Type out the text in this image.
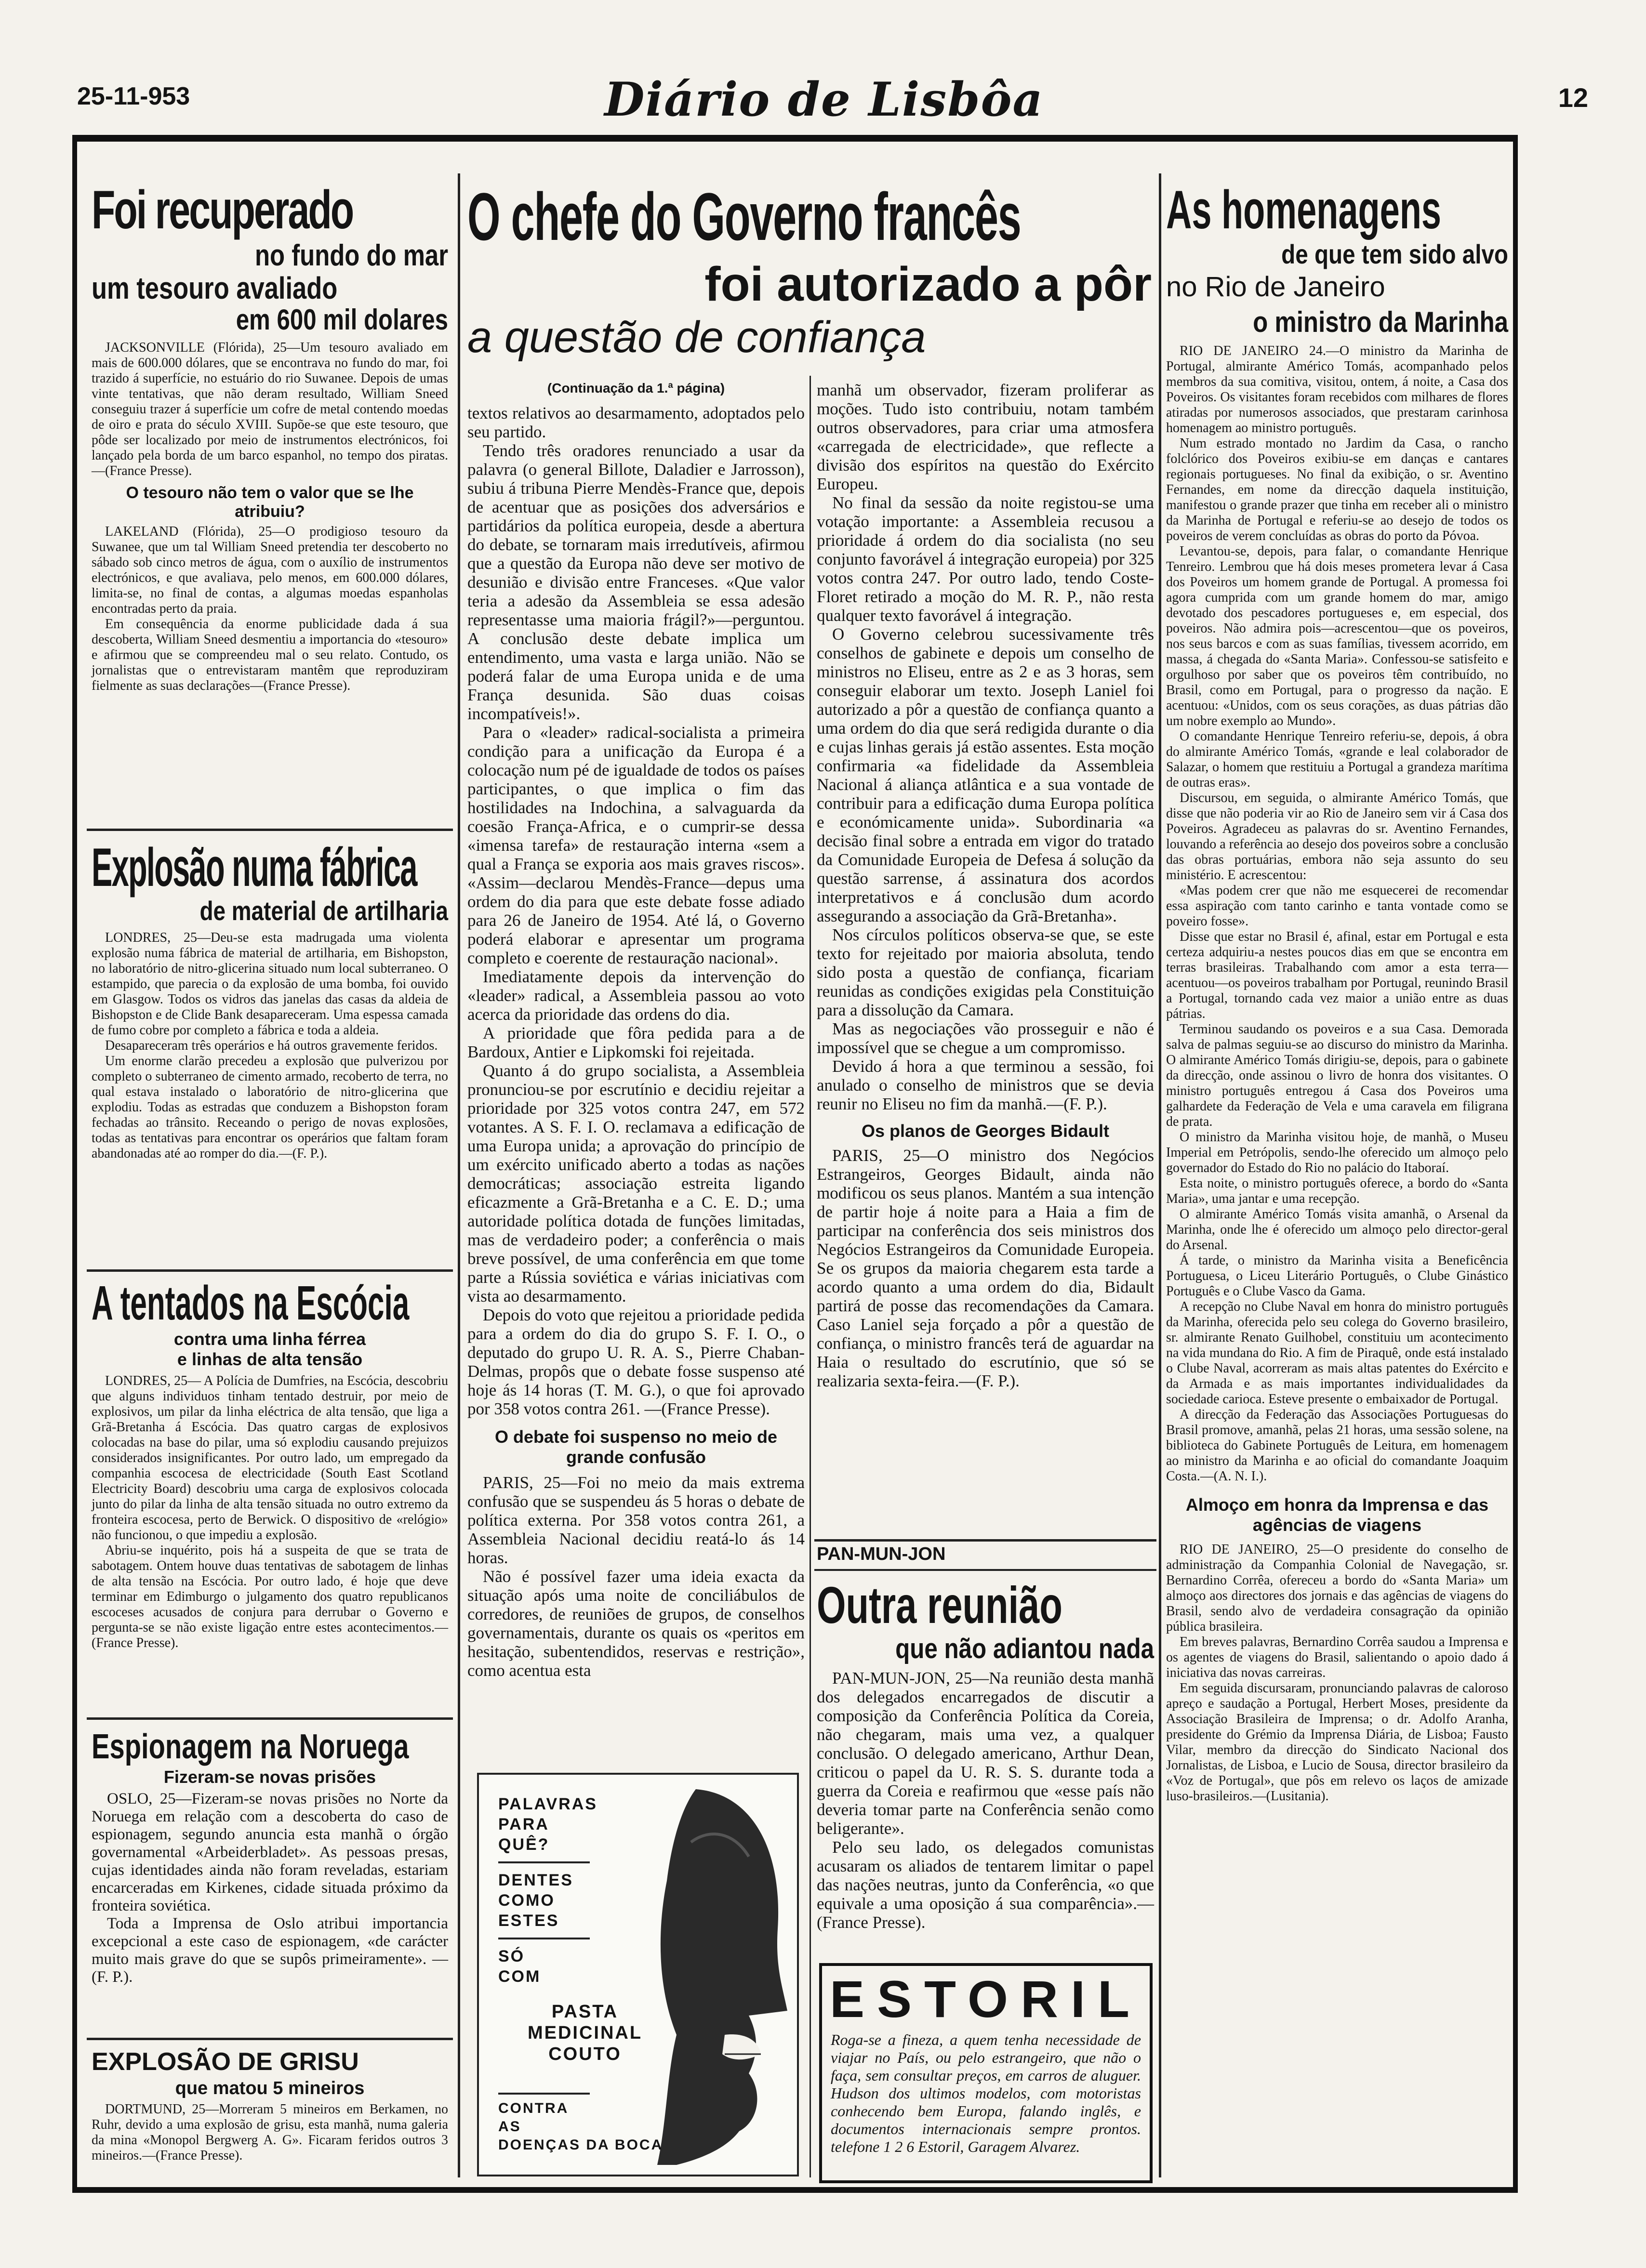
25-11-953	Diário de Lisbôa	12
Foi recuperado
no fundo do mar
um tesouro avaliado
em 600 mil dolares

JACKSONVILLE (Flórida), 25—Um tesouro avaliado em mais de 600.000 dólares, que se encontrava no fundo do mar, foi trazido á superfície, no estuário do rio Suwanee. Depois de umas vinte tentativas, que não deram resultado, William Sneed conseguiu trazer á superfície um cofre de metal contendo moedas de oiro e prata do século XVIII. Supõe-se que este tesouro, que pôde ser localizado por meio de instrumentos electrónicos, foi lançado pela borda de um barco espanhol, no tempo dos piratas.—(France Presse).

O tesouro não tem o valor que se lhe atribuiu?

LAKELAND (Flórida), 25—O prodigioso tesouro da Suwanee, que um tal William Sneed pretendia ter descoberto no sábado sob cinco metros de água, com o auxílio de instrumentos electrónicos, e que avaliava, pelo menos, em 600.000 dólares, limita-se, no final de contas, a algumas moedas espanholas encontradas perto da praia.

Em consequência da enorme publicidade dada á sua descoberta, William Sneed desmentiu a importancia do «tesouro» e afirmou que se compreendeu mal o seu relato. Contudo, os jornalistas que o entrevistaram mantêm que reproduziram fielmente as suas declarações—(France Presse).

Explosão numa fábrica
de material de artilharia

LONDRES, 25—Deu-se esta madrugada uma violenta explosão numa fábrica de material de artilharia, em Bishopston, no laboratório de nitro-glicerina situado num local subterraneo. O estampido, que parecia o da explosão de uma bomba, foi ouvido em Glasgow. Todos os vidros das janelas das casas da aldeia de Bishopston e de Clide Bank desapareceram. Uma espessa camada de fumo cobre por completo a fábrica e toda a aldeia.

Desapareceram três operários e há outros gravemente feridos.

Um enorme clarão precedeu a explosão que pulverizou por completo o subterraneo de cimento armado, recoberto de terra, no qual estava instalado o laboratório de nitro-glicerina que explodiu. Todas as estradas que conduzem a Bishopston foram fechadas ao trânsito. Receando o perigo de novas explosões, todas as tentativas para encontrar os operários que faltam foram abandonadas até ao romper do dia.—(F. P.).

A tentados na Escócia
contra uma linha férrea
e linhas de alta tensão

LONDRES, 25— A Polícia de Dumfries, na Escócia, descobriu que alguns individuos tinham tentado destruir, por meio de explosivos, um pilar da linha eléctrica de alta tensão, que liga a Grã-Bretanha á Escócia. Das quatro cargas de explosivos colocadas na base do pilar, uma só explodiu causando prejuizos considerados insignificantes. Por outro lado, um empregado da companhia escocesa de electricidade (South East Scotland Electricity Board) descobriu uma carga de explosivos colocada junto do pilar da linha de alta tensão situada no outro extremo da fronteira escocesa, perto de Berwick. O dispositivo de «relógio» não funcionou, o que impediu a explosão.

Abriu-se inquérito, pois há a suspeita de que se trata de sabotagem. Ontem houve duas tentativas de sabotagem de linhas de alta tensão na Escócia. Por outro lado, é hoje que deve terminar em Edimburgo o julgamento dos quatro republicanos escoceses acusados de conjura para derrubar o Governo e pergunta-se se não existe ligação entre estes acontecimentos.—(France Presse).

Espionagem na Noruega
Fizeram-se novas prisões

OSLO, 25—Fizeram-se novas prisões no Norte da Noruega em relação com a descoberta do caso de espionagem, segundo anuncia esta manhã o órgão governamental «Arbeiderbladet». As pessoas presas, cujas identidades ainda não foram reveladas, estariam encarceradas em Kirkenes, cidade situada próximo da fronteira soviética.

Toda a Imprensa de Oslo atribui importancia excepcional a este caso de espionagem, «de carácter muito mais grave do que se supôs primeiramente». —(F. P.).

EXPLOSÃO DE GRISU
que matou 5 mineiros

DORTMUND, 25—Morreram 5 mineiros em Berkamen, no Ruhr, devido a uma explosão de grisu, esta manhã, numa galeria da mina «Monopol Bergwerg A. G». Ficaram feridos outros 3 mineiros.—(France Presse).

O chefe do Governo francês
foi autorizado a pôr
a questão de confiança
(Continuação da 1.ª página)

textos relativos ao desarmamento, adoptados pelo seu partido.

Tendo três oradores renunciado a usar da palavra (o general Billote, Daladier e Jarrosson), subiu á tribuna Pierre Mendès-France que, depois de acentuar que as posições dos adversários e partidários da política europeia, desde a abertura do debate, se tornaram mais irredutíveis, afirmou que a questão da Europa não deve ser motivo de desunião e divisão entre Franceses. «Que valor teria a adesão da Assembleia se essa adesão representasse uma maioria frágil?»—perguntou. A conclusão deste debate implica um entendimento, uma vasta e larga união. Não se poderá falar de uma Europa unida e de uma França desunida. São duas coisas incompatíveis!».

Para o «leader» radical-socialista a primeira condição para a unificação da Europa é a colocação num pé de igualdade de todos os países participantes, o que implica o fim das hostilidades na Indochina, a salvaguarda da coesão França-Africa, e o cumprir-se dessa «imensa tarefa» de restauração interna «sem a qual a França se exporia aos mais graves riscos». «Assim—declarou Mendès-France—depus uma ordem do dia para que este debate fosse adiado para 26 de Janeiro de 1954. Até lá, o Governo poderá elaborar e apresentar um programa completo e coerente de restauração nacional».

Imediatamente depois da intervenção do «leader» radical, a Assembleia passou ao voto acerca da prioridade das ordens do dia.

A prioridade que fôra pedida para a de Bardoux, Antier e Lipkomski foi rejeitada.

Quanto á do grupo socialista, a Assembleia pronunciou-se por escrutínio e decidiu rejeitar a prioridade por 325 votos contra 247, em 572 votantes. A S. F. I. O. reclamava a edificação de uma Europa unida; a aprovação do princípio de um exército unificado aberto a todas as nações democráticas; associação estreita ligando eficazmente a Grã-Bretanha e a C. E. D.; uma autoridade política dotada de funções limitadas, mas de verdadeiro poder; a conferência o mais breve possível, de uma conferência em que tome parte a Rússia soviética e várias iniciativas com vista ao desarmamento.

Depois do voto que rejeitou a prioridade pedida para a ordem do dia do grupo S. F. I. O., o deputado do grupo U. R. A. S., Pierre Chaban-Delmas, propôs que o debate fosse suspenso até hoje ás 14 horas (T. M. G.), o que foi aprovado por 358 votos contra 261. —(France Presse).

O debate foi suspenso no meio de grande confusão

PARIS, 25—Foi no meio da mais extrema confusão que se suspendeu ás 5 horas o debate de política externa. Por 358 votos contra 261, a Assembleia Nacional decidiu reatá-lo ás 14 horas.

Não é possível fazer uma ideia exacta da situação após uma noite de conciliábulos de corredores, de reuniões de grupos, de conselhos governamentais, durante os quais os «peritos em hesitação, subentendidos, reservas e restrição», como acentua esta

manhã um observador, fizeram proliferar as moções. Tudo isto contribuiu, notam também outros observadores, para criar uma atmosfera «carregada de electricidade», que reflecte a divisão dos espíritos na questão do Exército Europeu.

No final da sessão da noite registou-se uma votação importante: a Assembleia recusou a prioridade á ordem do dia socialista (no seu conjunto favorável á integração europeia) por 325 votos contra 247. Por outro lado, tendo Coste-Floret retirado a moção do M. R. P., não resta qualquer texto favorável á integração.

O Governo celebrou sucessivamente três conselhos de gabinete e depois um conselho de ministros no Eliseu, entre as 2 e as 3 horas, sem conseguir elaborar um texto. Joseph Laniel foi autorizado a pôr a questão de confiança quanto a uma ordem do dia que será redigida durante o dia e cujas linhas gerais já estão assentes. Esta moção confirmaria «a fidelidade da Assembleia Nacional á aliança atlântica e a sua vontade de contribuir para a edificação duma Europa política e económicamente unida». Subordinaria «a decisão final sobre a entrada em vigor do tratado da Comunidade Europeia de Defesa á solução da questão sarrense, á assinatura dos acordos interpretativos e á conclusão dum acordo assegurando a associação da Grã-Bretanha».

Nos círculos políticos observa-se que, se este texto for rejeitado por maioria absoluta, tendo sido posta a questão de confiança, ficariam reunidas as condições exigidas pela Constituição para a dissolução da Camara.

Mas as negociações vão prosseguir e não é impossível que se chegue a um compromisso.

Devido á hora a que terminou a sessão, foi anulado o conselho de ministros que se devia reunir no Eliseu no fim da manhã.—(F. P.).

Os planos de Georges Bidault

PARIS, 25—O ministro dos Negócios Estrangeiros, Georges Bidault, ainda não modificou os seus planos. Mantém a sua intenção de partir hoje á noite para a Haia a fim de participar na conferência dos seis ministros dos Negócios Estrangeiros da Comunidade Europeia. Se os grupos da maioria chegarem esta tarde a acordo quanto a uma ordem do dia, Bidault partirá de posse das recomendações da Camara. Caso Laniel seja forçado a pôr a questão de confiança, o ministro francês terá de aguardar na Haia o resultado do escrutínio, que só se realizaria sexta-feira.—(F. P.).

PAN-MUN-JON
Outra reunião
que não adiantou nada

PAN-MUN-JON, 25—Na reunião desta manhã dos delegados encarregados de discutir a composição da Conferência Política da Coreia, não chegaram, mais uma vez, a qualquer conclusão. O delegado americano, Arthur Dean, criticou o papel da U. R. S. S. durante toda a guerra da Coreia e reafirmou que «esse país não deveria tomar parte na Conferência senão como beligerante».

Pelo seu lado, os delegados comunistas acusaram os aliados de tentarem limitar o papel das nações neutras, junto da Conferência, «o que equivale a uma oposição á sua comparência».—(France Presse).

ESTORIL
Roga-se a fineza, a quem tenha necessidade de viajar no País, ou pelo estrangeiro, que não o faça, sem consultar preços, em carros de aluguer. Hudson dos ultimos modelos, com motoristas conhecendo bem Europa, falando inglês, e documentos internacionais sempre prontos. telefone 1 2 6 Estoril, Garagem Alvarez.
PALAVRAS
PARA
QUÊ?
DENTES
COMO
ESTES
SÓ
COM
PASTA
MEDICINAL
COUTO
CONTRA
AS
DOENÇAS DA BOCA
As homenagens
de que tem sido alvo
no Rio de Janeiro
o ministro da Marinha

RIO DE JANEIRO 24.—O ministro da Marinha de Portugal, almirante Américo Tomás, acompanhado pelos membros da sua comitiva, visitou, ontem, á noite, a Casa dos Poveiros. Os visitantes foram recebidos com milhares de flores atiradas por numerosos associados, que prestaram carinhosa homenagem ao ministro português.

Num estrado montado no Jardim da Casa, o rancho folclórico dos Poveiros exibiu-se em danças e cantares regionais portugueses. No final da exibição, o sr. Aventino Fernandes, em nome da direcção daquela instituição, manifestou o grande prazer que tinha em receber ali o ministro da Marinha de Portugal e referiu-se ao desejo de todos os poveiros de verem concluídas as obras do porto da Póvoa.

Levantou-se, depois, para falar, o comandante Henrique Tenreiro. Lembrou que há dois meses prometera levar á Casa dos Poveiros um homem grande de Portugal. A promessa foi agora cumprida com um grande homem do mar, amigo devotado dos pescadores portugueses e, em especial, dos poveiros. Não admira pois—acrescentou—que os poveiros, nos seus barcos e com as suas famílias, tivessem acorrido, em massa, á chegada do «Santa Maria». Confessou-se satisfeito e orgulhoso por saber que os poveiros têm contribuído, no Brasil, como em Portugal, para o progresso da nação. E acentuou: «Unidos, com os seus corações, as duas pátrias dão um nobre exemplo ao Mundo».

O comandante Henrique Tenreiro referiu-se, depois, á obra do almirante Américo Tomás, «grande e leal colaborador de Salazar, o homem que restituiu a Portugal a grandeza marítima de outras eras».

Discursou, em seguida, o almirante Américo Tomás, que disse que não poderia vir ao Rio de Janeiro sem vir á Casa dos Poveiros. Agradeceu as palavras do sr. Aventino Fernandes, louvando a referência ao desejo dos poveiros sobre a conclusão das obras portuárias, embora não seja assunto do seu ministério. E acrescentou:

«Mas podem crer que não me esquecerei de recomendar essa aspiração com tanto carinho e tanta vontade como se poveiro fosse».

Disse que estar no Brasil é, afinal, estar em Portugal e esta certeza adquiriu-a nestes poucos dias em que se encontra em terras brasileiras. Trabalhando com amor a esta terra—acentuou—os poveiros trabalham por Portugal, reunindo Brasil a Portugal, tornando cada vez maior a união entre as duas pátrias.

Terminou saudando os poveiros e a sua Casa. Demorada salva de palmas seguiu-se ao discurso do ministro da Marinha. O almirante Américo Tomás dirigiu-se, depois, para o gabinete da direcção, onde assinou o livro de honra dos visitantes. O ministro português entregou á Casa dos Poveiros uma galhardete da Federação de Vela e uma caravela em filigrana de prata.

O ministro da Marinha visitou hoje, de manhã, o Museu Imperial em Petrópolis, sendo-lhe oferecido um almoço pelo governador do Estado do Rio no palácio do Itaboraí.

Esta noite, o ministro português oferece, a bordo do «Santa Maria», uma jantar e uma recepção.

O almirante Américo Tomás visita amanhã, o Arsenal da Marinha, onde lhe é oferecido um almoço pelo director-geral do Arsenal.

Á tarde, o ministro da Marinha visita a Beneficência Portuguesa, o Liceu Literário Português, o Clube Ginástico Português e o Clube Vasco da Gama.

A recepção no Clube Naval em honra do ministro português da Marinha, oferecida pelo seu colega do Governo brasileiro, sr. almirante Renato Guilhobel, constituiu um acontecimento na vida mundana do Rio. A fim de Piraquê, onde está instalado o Clube Naval, acorreram as mais altas patentes do Exército e da Armada e as mais importantes individualidades da sociedade carioca. Esteve presente o embaixador de Portugal.

A direcção da Federação das Associações Portuguesas do Brasil promove, amanhã, pelas 21 horas, uma sessão solene, na biblioteca do Gabinete Português de Leitura, em homenagem ao ministro da Marinha e ao oficial do comandante Joaquim Costa.—(A. N. I.).

Almoço em honra da Imprensa e das agências de viagens

RIO DE JANEIRO, 25—O presidente do conselho de administração da Companhia Colonial de Navegação, sr. Bernardino Corrêa, ofereceu a bordo do «Santa Maria» um almoço aos directores dos jornais e das agências de viagens do Brasil, sendo alvo de verdadeira consagração da opinião pública brasileira.

Em breves palavras, Bernardino Corrêa saudou a Imprensa e os agentes de viagens do Brasil, salientando o apoio dado á iniciativa das novas carreiras.

Em seguida discursaram, pronunciando palavras de caloroso apreço e saudação a Portugal, Herbert Moses, presidente da Associação Brasileira de Imprensa; o dr. Adolfo Aranha, presidente do Grémio da Imprensa Diária, de Lisboa; Fausto Vilar, membro da direcção do Sindicato Nacional dos Jornalistas, de Lisboa, e Lucio de Sousa, director brasileiro da «Voz de Portugal», que pôs em relevo os laços de amizade luso-brasileiros.—(Lusitania).
